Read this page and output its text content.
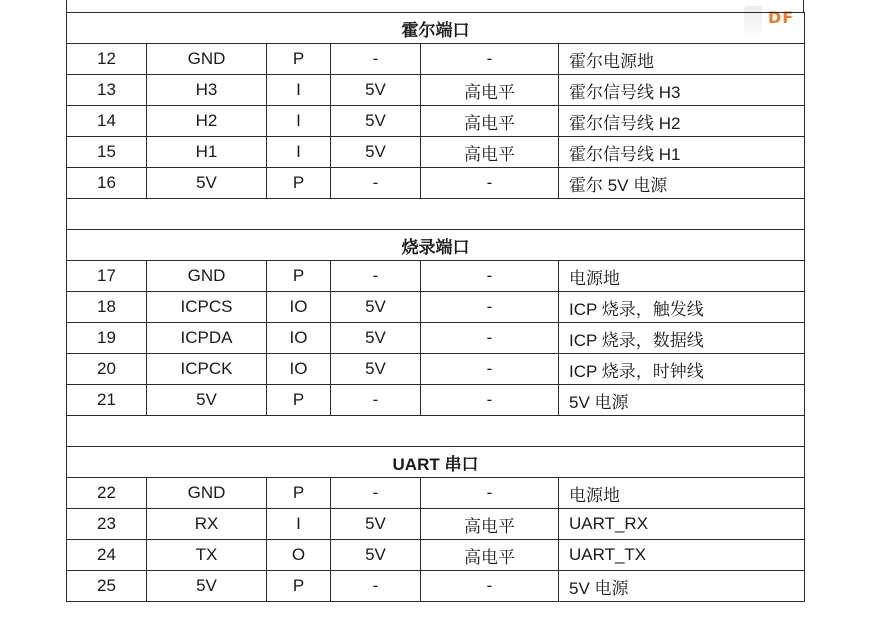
DF
霍尔端口					
12	GND	P	-	-	霍尔电源地
13	H3	I	5V	高电平	霍尔信号线 H3
14	H2	I	5V	高电平	霍尔信号线 H2
15	H1	I	5V	高电平	霍尔信号线 H1
16	5V	P	-	-	霍尔 5V 电源

烧录端口					
17	GND	P	-	-	电源地
18	ICPCS	IO	5V	-	ICP 烧录，触发线
19	ICPDA	IO	5V	-	ICP 烧录，数据线
20	ICPCK	IO	5V	-	ICP 烧录，时钟线
21	5V	P	-	-	5V 电源

UART 串口					
22	GND	P	-	-	电源地
23	RX	I	5V	高电平	UART_RX
24	TX	O	5V	高电平	UART_TX
25	5V	P	-	-	5V 电源
